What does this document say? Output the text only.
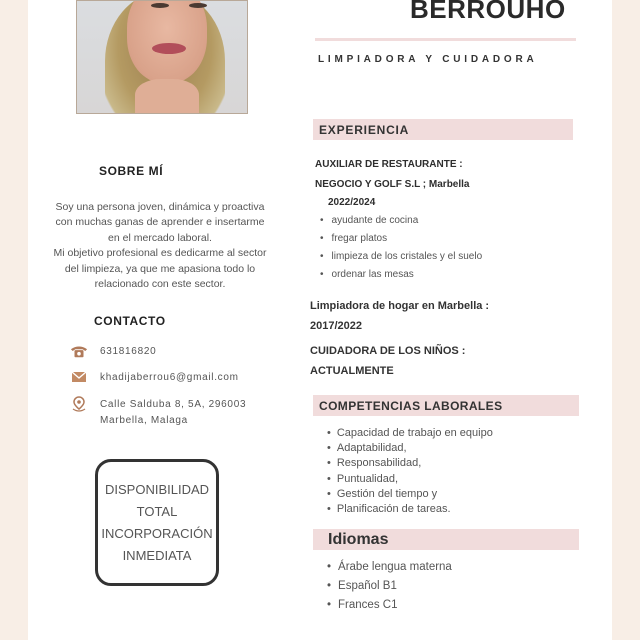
BERROUHO
LIMPIADORA Y CUIDADORA
SOBRE MÍ
Soy una persona joven, dinámica y proactiva
con muchas ganas de aprender e insertarme
en el mercado laboral.
Mi objetivo profesional es dedicarme al sector
del limpieza, ya que me apasiona todo lo
relacionado con este sector.
CONTACTO
631816820
khadijaberrou6@gmail.com
Calle Salduba 8, 5A, 296003
Marbella, Malaga
DISPONIBILIDAD
TOTAL
INCORPORACIÓN
INMEDIATA
EXPERIENCIA
AUXILIAR DE RESTAURANTE :
NEGOCIO Y GOLF S.L ; Marbella
2022/2024
• ayudante de cocina
• fregar platos
• limpieza de los cristales y el suelo
• ordenar las mesas
Limpiadora de hogar en Marbella :
2017/2022
CUIDADORA DE LOS NIÑOS :
ACTUALMENTE
COMPETENCIAS LABORALES
• Capacidad de trabajo en equipo
• Adaptabilidad,
• Responsabilidad,
• Puntualidad,
• Gestión del tiempo y
• Planificación de tareas.
Idiomas
• Árabe lengua materna
• Español B1
• Frances C1
